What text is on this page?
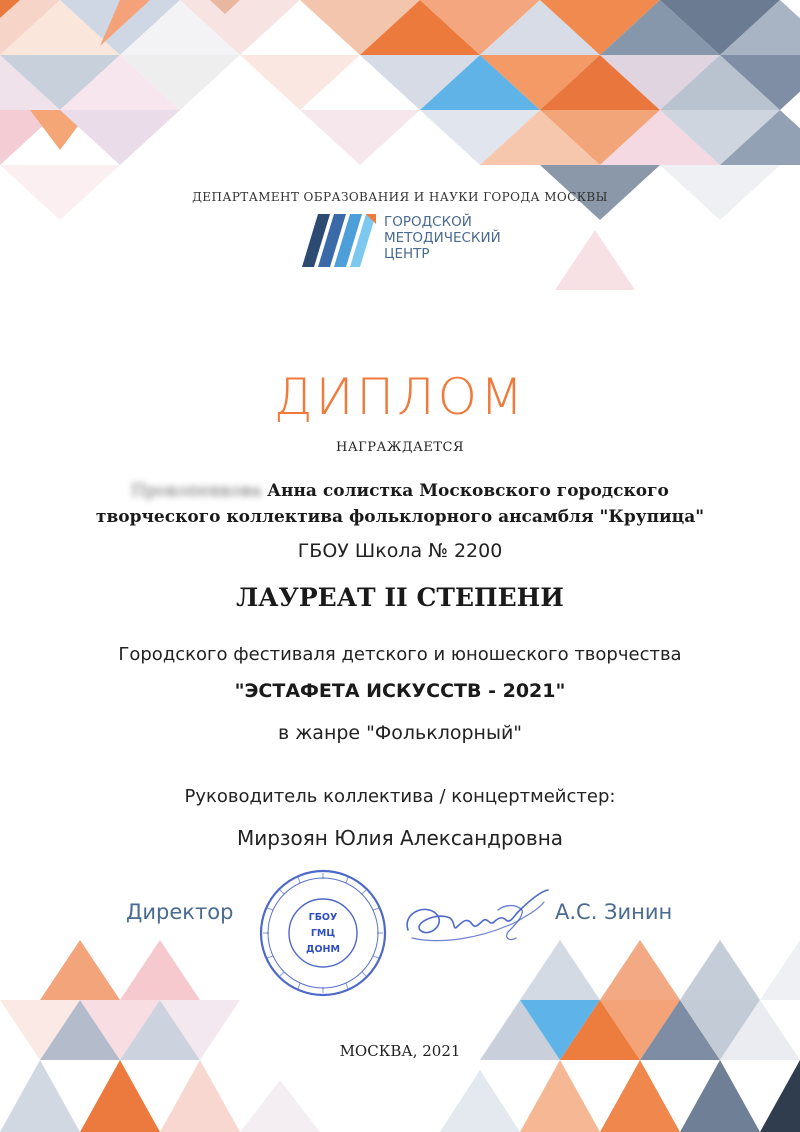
ДЕПАРТАМЕНТ ОБРАЗОВАНИЯ И НАУКИ ГОРОДА МОСКВЫ
ГОРОДСКОЙ
МЕТОДИЧЕСКИЙ
ЦЕНТР
ДИПЛОМ
НАГРАЖДАЕТСЯ
Прокопенкова Анна солистка Московского городского
творческого коллектива фольклорного ансамбля "Крупица"
ГБОУ Школа № 2200
ЛАУРЕАТ II СТЕПЕНИ
Городского фестиваля детского и юношеского творчества
"ЭСТАФЕТА ИСКУССТВ - 2021"
в жанре "Фольклорный"
Руководитель коллектива / концертмейстер:
Мирзоян Юлия Александровна
Директор	ГБОУ
ГМЦ
ДОНМ
А.С. Зинин
МОСКВА, 2021
